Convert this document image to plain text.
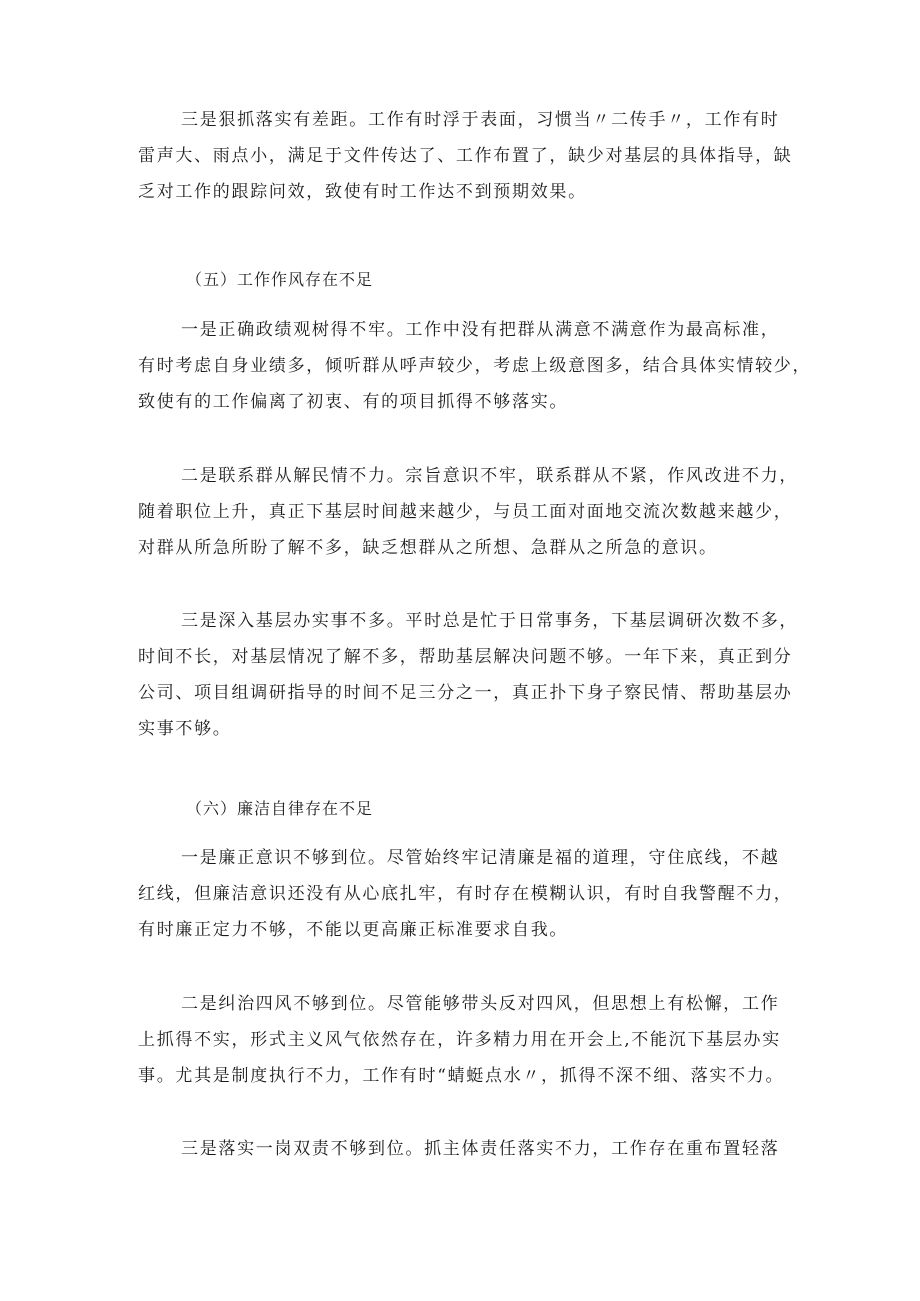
三是狠抓落实有差距。工作有时浮于表面，习惯当〃二传手〃，工作有时
雷声大、雨点小，满足于文件传达了、工作布置了，缺少对基层的具体指导，缺
乏对工作的跟踪问效，致使有时工作达不到预期效果。

（五）工作作风存在不足

一是正确政绩观树得不牢。工作中没有把群从满意不满意作为最高标准，
有时考虑自身业绩多，倾听群从呼声较少，考虑上级意图多，结合具体实情较少，
致使有的工作偏离了初衷、有的项目抓得不够落实。

二是联系群从解民情不力。宗旨意识不牢，联系群从不紧，作风改进不力，
随着职位上升，真正下基层时间越来越少，与员工面对面地交流次数越来越少，
对群从所急所盼了解不多，缺乏想群从之所想、急群从之所急的意识。

三是深入基层办实事不多。平时总是忙于日常事务，下基层调研次数不多，
时间不长，对基层情况了解不多，帮助基层解决问题不够。一年下来，真正到分
公司、项目组调研指导的时间不足三分之一，真正扑下身子察民情、帮助基层办
实事不够。

（六）廉洁自律存在不足

一是廉正意识不够到位。尽管始终牢记清廉是福的道理，守住底线，不越
红线，但廉洁意识还没有从心底扎牢，有时存在模糊认识，有时自我警醒不力，
有时廉正定力不够，不能以更高廉正标准要求自我。

二是纠治四风不够到位。尽管能够带头反对四风，但思想上有松懈，工作
上抓得不实，形式主义风气依然存在，许多精力用在开会上,不能沉下基层办实
事。尤其是制度执行不力，工作有时“蜻蜓点水〃，抓得不深不细、落实不力。

三是落实一岗双责不够到位。抓主体责任落实不力，工作存在重布置轻落
